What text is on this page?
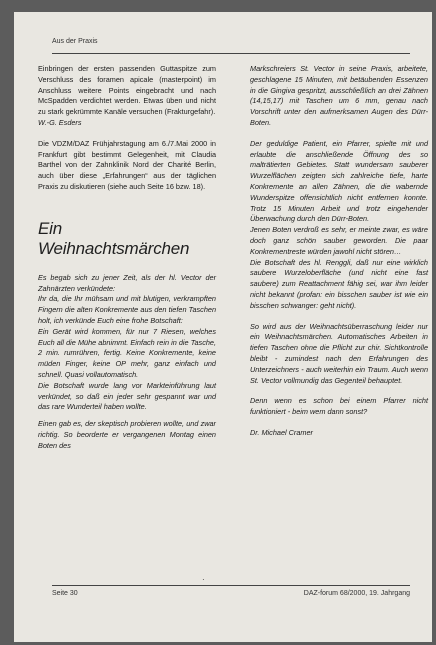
Aus der Praxis

Einbringen der ersten passenden Guttaspitze zum Verschluss des foramen apicale (masterpoint) im Anschluss weitere Points eingebracht und nach McSpadden verdichtet werden. Etwas üben und nicht zu stark gekrümmte Kanäle versuchen (Frakturgefahr).

W.-G. Esders

Die VDZM/DAZ Frühjahrstagung am 6./7.Mai 2000 in Frankfurt gibt bestimmt Gelegenheit, mit Claudia Barthel von der Zahnklinik Nord der Charité Berlin, auch über diese „Erfahrungen“ aus der täglichen Praxis zu diskutieren (siehe auch Seite 16 bzw. 18).

Ein Weihnachtsmärchen

Es begab sich zu jener Zeit, als der hl. Vector der Zahnärzten verkündete:

Ihr da, die Ihr mühsam und mit blutigen, verkrampften Fingern die alten Konkremente aus den tiefen Taschen holt, ich verkünde Euch eine frohe Botschaft:

Ein Gerät wird kommen, für nur 7 Riesen, welches Euch all die Mühe abnimmt. Einfach rein in die Tasche, 2 min. rumrühren, fertig. Keine Konkremente, keine müden Finger, keine OP mehr, ganz einfach und schnell. Quasi vollautomatisch.

Die Botschaft wurde lang vor Markteinführung laut verkündet, so daß ein jeder sehr gespannt war und das rare Wunderteil haben wollte.

Einen gab es, der skeptisch probieren wollte, und zwar richtig. So beorderte er vergangenen Montag einen Boten des

Markschreiers St. Vector in seine Praxis, arbeitete, geschlagene 15 Minuten, mit betäubenden Essenzen in die Gingiva gespritzt, ausschließlich an drei Zähnen (14,15,17) mit Taschen um 6 mm, genau nach Vorschrift unter den aufmerksamen Augen des Dürr-Boten.

Der geduldige Patient, ein Pfarrer, spielte mit und erlaubte die anschließende Öffnung des so malträtierten Gebietes. Statt wundersam sauberer Wurzelflächen zeigten sich zahlreiche tiefe, harte Konkremente an allen Zähnen, die die wabernde Wunderspitze offensichtlich nicht entfernen konnte. Trotz 15 Minuten Arbeit und trotz eingehender Überwachung durch den Dürr-Boten.

Jenen Boten verdroß es sehr, er meinte zwar, es wäre doch ganz schön sauber geworden. Die paar Konkrementreste würden jawohl nicht stören…

Die Botschaft des hl. Renggli, daß nur eine wirklich saubere Wurzeloberfläche (und nicht eine fast saubere) zum Reattachment fähig sei, war ihm leider nicht bekannt (profan: ein bisschen sauber ist wie ein bisschen schwanger: geht nicht).

So wird aus der Weihnachtsüberraschung leider nur ein Weihnachtsmärchen. Automatisches Arbeiten in tiefen Taschen ohne die Pflicht zur chir. Sichtkontrolle bleibt - zumindest nach den Erfahrungen des Unterzeichners - auch weiterhin ein Traum. Auch wenn St. Vector vollmundig das Gegenteil behauptet.

Denn wenn es schon bei einem Pfarrer nicht funktioniert - beim wem dann sonst?

Dr. Michael Cramer

·
Seite 30	DAZ-forum 68/2000, 19. Jahrgang
